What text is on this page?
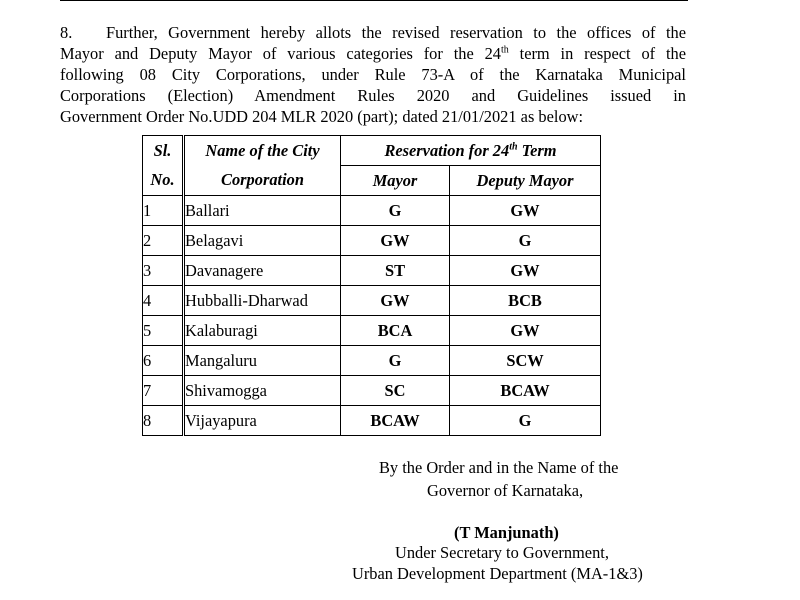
8. Further, Government hereby allots the revised reservation to the offices of the
Mayor and Deputy Mayor of various categories for the 24th term in respect of the
following 08 City Corporations, under Rule 73-A of the Karnataka Municipal
Corporations (Election) Amendment Rules 2020 and Guidelines issued in
Government Order No.UDD 204 MLR 2020 (part); dated 21/01/2021 as below:
Sl.	Name of the City	Reservation for 24th Term	
No.	Corporation	Mayor	Deputy Mayor
1	Ballari	G	GW
2	Belagavi	GW	G
3	Davanagere	ST	GW
4	Hubballi-Dharwad	GW	BCB
5	Kalaburagi	BCA	GW
6	Mangaluru	G	SCW
7	Shivamogga	SC	BCAW
8	Vijayapura	BCAW	G
By the Order and in the Name of the
Governor of Karnataka,
(T Manjunath)
Under Secretary to Government,
Urban Development Department (MA-1&3)
